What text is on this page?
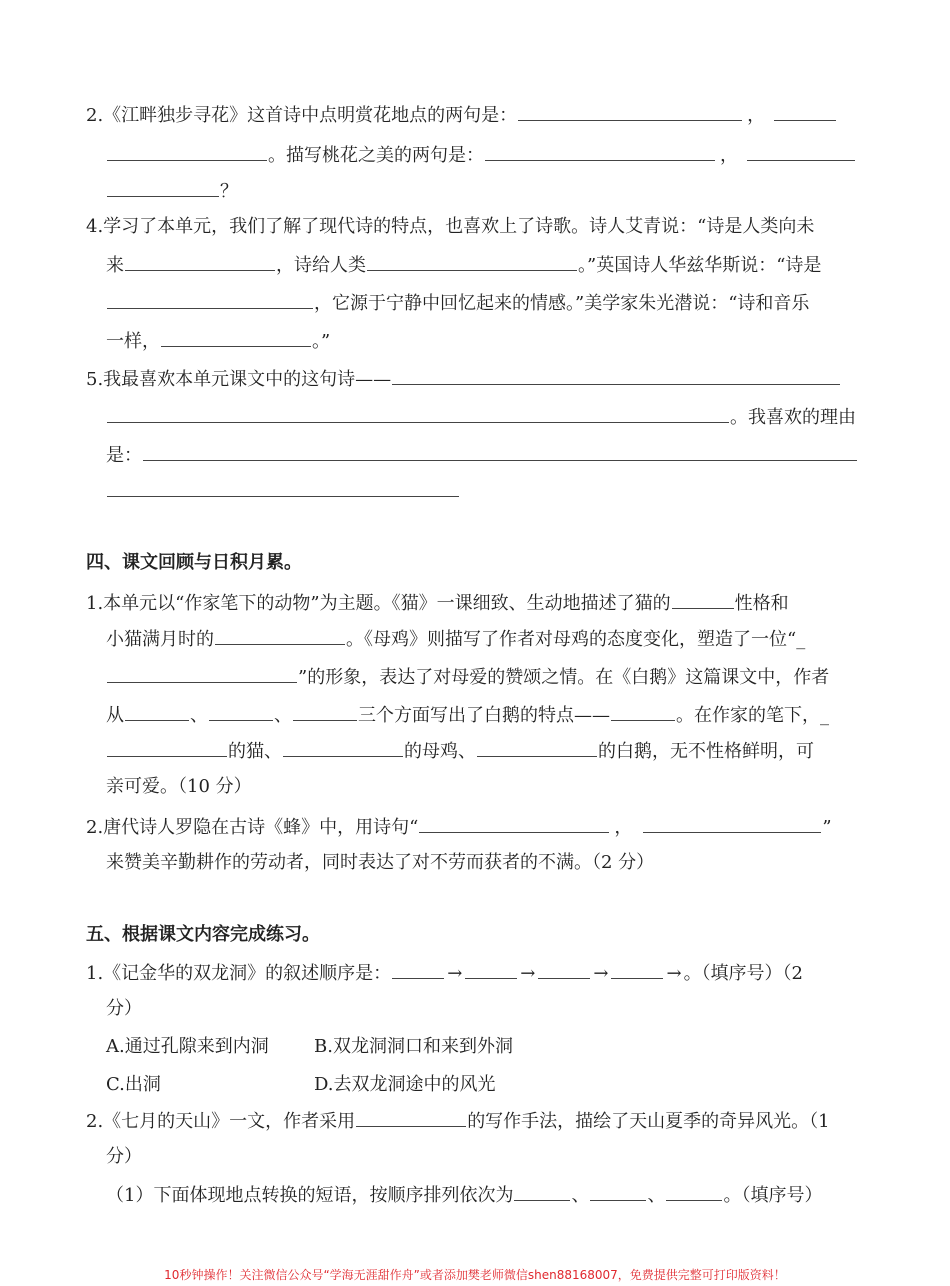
2.《江畔独步寻花》这首诗中点明赏花地点的两句是：	，
。描写桃花之美的两句是：	，
？
4.学习了本单元，我们了解了现代诗的特点，也喜欢上了诗歌。诗人艾青说：“诗是人类向未
来	，诗给人类	。”英国诗人华兹华斯说：“诗是
，它源于宁静中回忆起来的情感。”美学家朱光潜说：“诗和音乐
一样，	。”
5.我最喜欢本单元课文中的这句诗——
。我喜欢的理由
是：
四、课文回顾与日积月累。
1.本单元以“作家笔下的动物”为主题。《猫》一课细致、生动地描述了猫的	性格和
小猫满月时的	。《母鸡》则描写了作者对母鸡的态度变化，塑造了一位“_
”的形象，表达了对母爱的赞颂之情。在《白鹅》这篇课文中，作者
从	、	、	三个方面写出了白鹅的特点——	。在作家的笔下，_
的猫、	的母鸡、	的白鹅，无不性格鲜明，可
亲可爱。（10 分）
2.唐代诗人罗隐在古诗《蜂》中，用诗句“	，	”
来赞美辛勤耕作的劳动者，同时表达了对不劳而获者的不满。（2 分）
五、根据课文内容完成练习。
1.《记金华的双龙洞》的叙述顺序是：	→	→	→	→ 。（填序号）（2
分）
A.通过孔隙来到内洞	B.双龙洞洞口和来到外洞
C.出洞	D.去双龙洞途中的风光
2.《七月的天山》一文，作者采用	的写作手法，描绘了天山夏季的奇异风光。（1
分）
（1）下面体现地点转换的短语，按顺序排列依次为	、	、	。（填序号）
10秒钟操作！关注微信公众号“学海无涯甜作舟”或者添加樊老师微信shen88168007，免费提供完整可打印版资料！
